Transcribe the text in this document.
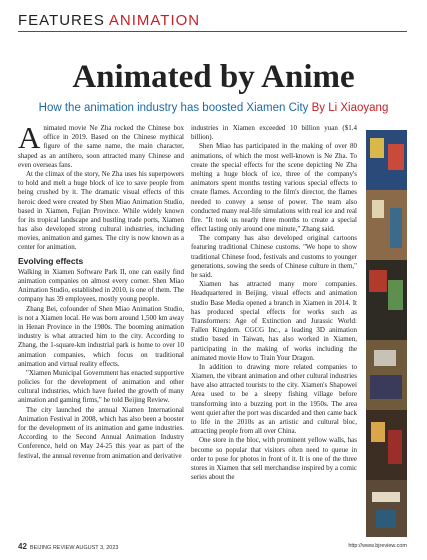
FEATURES ANIMATION
Animated by Anime
How the animation industry has boosted Xiamen City By Li Xiaoyang

Animated movie Ne Zha rocked the Chinese box office in 2019. Based on the Chinese mythical figure of the same name, the main character, shaped as an antihero, soon attracted many Chinese and even overseas fans.

At the climax of the story, Ne Zha uses his superpowers to hold and melt a huge block of ice to save people from being crushed by it. The dramatic visual effects of this heroic deed were created by Shen Miao Animation Studio, based in Xiamen, Fujian Province. While widely known for its tropical landscape and bustling trade ports, Xiamen has also developed strong cultural industries, including movies, animation and games. The city is now known as a center for animation.

Evolving effects

Walking in Xiamen Software Park II, one can easily find animation companies on almost every corner. Shen Miao Animation Studio, established in 2010, is one of them. The company has 39 employees, mostly young people.

Zhang Bei, cofounder of Shen Miao Animation Studio, is not a Xiamen local. He was born around 1,500 km away in Henan Province in the 1980s. The booming animation industry is what attracted him to the city. According to Zhang, the 1-square-km industrial park is home to over 10 animation companies, which focus on traditional animation and virtual reality effects.

"Xiamen Municipal Government has enacted supportive policies for the development of animation and other cultural industries, which have fueled the growth of many animation and gaming firms," he told Beijing Review.

The city launched the annual Xiamen International Animation Festival in 2008, which has also been a booster for the development of its animation and game industries. According to the Second Annual Animation Industry Conference, held on May 24-25 this year as part of the festival, the annual revenue from animation and derivative

industries in Xiamen exceeded 10 billion yuan ($1.4 billion).

Shen Miao has participated in the making of over 80 animations, of which the most well-known is Ne Zha. To create the special effects for the scene depicting Ne Zha melting a huge block of ice, three of the company's animators spent months testing various special effects to create flames. According to the film's director, the flames needed to convey a sense of power. The team also conducted many real-life simulations with real ice and real fire. "It took us nearly three months to create a special effect lasting only around one minute," Zhang said.

The company has also developed original cartoons featuring traditional Chinese customs. "We hope to show traditional Chinese food, festivals and customs to younger generations, sowing the seeds of Chinese culture in them," he said.

Xiamen has attracted many more companies. Headquartered in Beijing, visual effects and animation studio Base Media opened a branch in Xiamen in 2014. It has produced special effects for works such as Transformers: Age of Extinction and Jurassic World: Fallen Kingdom. CGCG Inc., a leading 3D animation studio based in Taiwan, has also worked in Xiamen, participating in the making of works including the animated movie How to Train Your Dragon.

In addition to drawing more related companies to Xiamen, the vibrant animation and other cultural industries have also attracted tourists to the city. Xiamen's Shapowei Area used to be a sleepy fishing village before transforming into a buzzing port in the 1950s. The area went quiet after the port was discarded and then came back to life in the 2010s as an artistic and cultural bloc, attracting people from all over China.

One store in the bloc, with prominent yellow walls, has become so popular that visitors often need to queue in order to pose for photos in front of it. It is one of the three stores in Xiamen that sell merchandise inspired by a comic series about the

42 BEIJING REVIEW AUGUST 3, 2023	http://www.bjreview.com
